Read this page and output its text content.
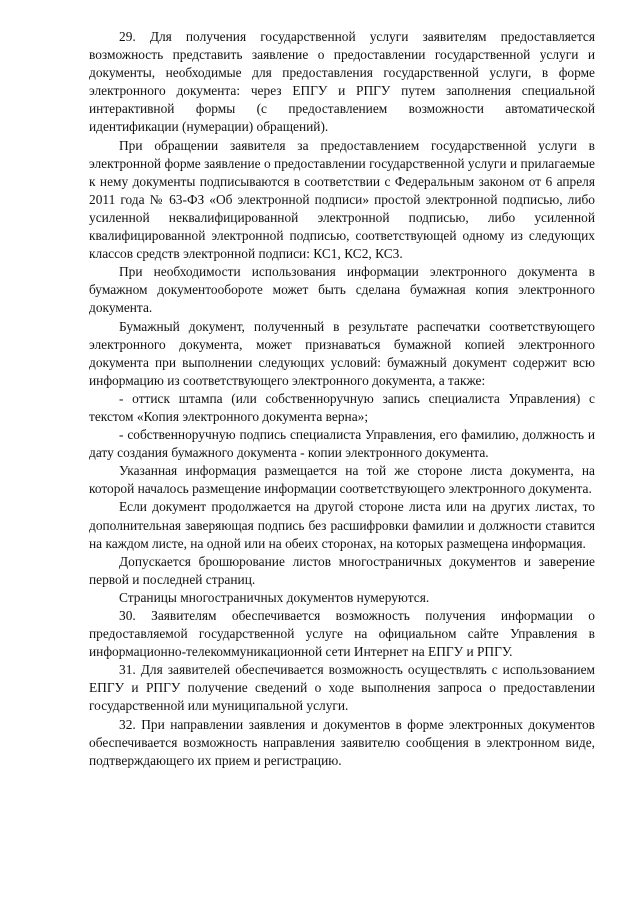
29. Для получения государственной услуги заявителям предоставляется возможность представить заявление о предоставлении государственной услуги и документы, необходимые для предоставления государственной услуги, в форме электронного документа: через ЕПГУ и РПГУ путем заполнения специальной интерактивной формы (с предоставлением возможности автоматической идентификации (нумерации) обращений).

При обращении заявителя за предоставлением государственной услуги в электронной форме заявление о предоставлении государственной услуги и прилагаемые к нему документы подписываются в соответствии с Федеральным законом от 6 апреля 2011 года № 63-ФЗ «Об электронной подписи» простой электронной подписью, либо усиленной неквалифицированной электронной подписью, либо усиленной квалифицированной электронной подписью, соответствующей одному из следующих классов средств электронной подписи: КС1, КС2, КС3.

При необходимости использования информации электронного документа в бумажном документообороте может быть сделана бумажная копия электронного документа.

Бумажный документ, полученный в результате распечатки соответствующего электронного документа, может признаваться бумажной копией электронного документа при выполнении следующих условий: бумажный документ содержит всю информацию из соответствующего электронного документа, а также:

- оттиск штампа (или собственноручную запись специалиста Управления) с текстом «Копия электронного документа верна»;

- собственноручную подпись специалиста Управления, его фамилию, должность и дату создания бумажного документа - копии электронного документа.

Указанная информация размещается на той же стороне листа документа, на которой началось размещение информации соответствующего электронного документа.

Если документ продолжается на другой стороне листа или на других листах, то дополнительная заверяющая подпись без расшифровки фамилии и должности ставится на каждом листе, на одной или на обеих сторонах, на которых размещена информация.

Допускается брошюрование листов многостраничных документов и заверение первой и последней страниц.

Страницы многостраничных документов нумеруются.

30. Заявителям обеспечивается возможность получения информации о предоставляемой государственной услуге на официальном сайте Управления в информационно-телекоммуникационной сети Интернет на ЕПГУ и РПГУ.

31. Для заявителей обеспечивается возможность осуществлять с использованием ЕПГУ и РПГУ получение сведений о ходе выполнения запроса о предоставлении государственной или муниципальной услуги.

32. При направлении заявления и документов в форме электронных документов обеспечивается возможность направления заявителю сообщения в электронном виде, подтверждающего их прием и регистрацию.
